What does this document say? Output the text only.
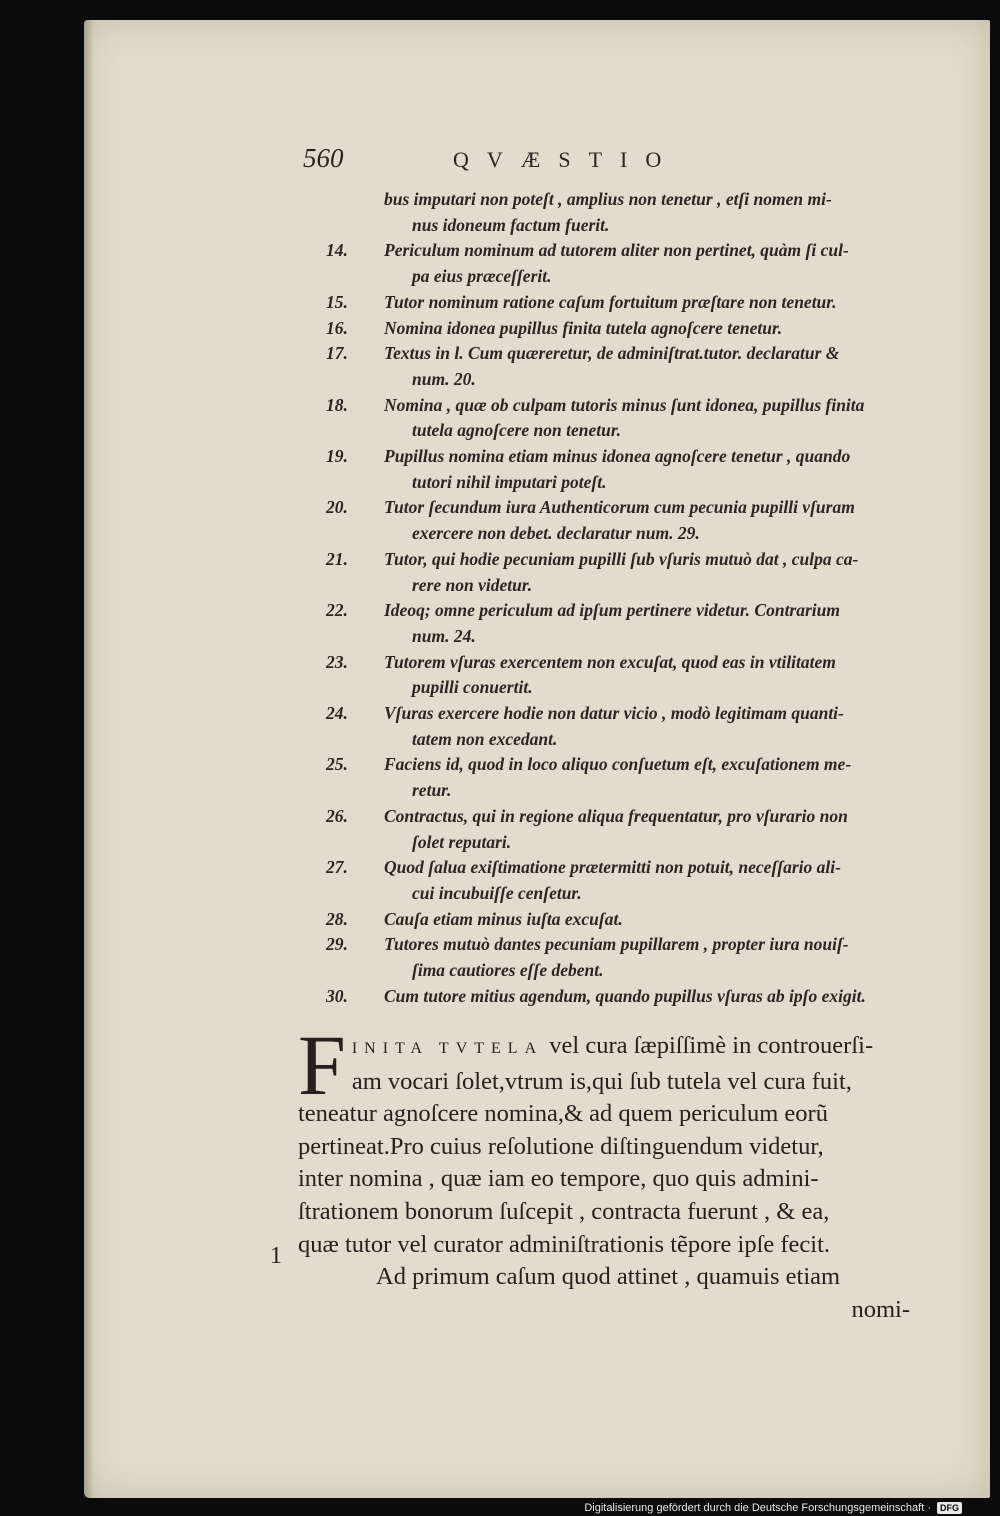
560	QVÆSTIO
bus imputari non poteſt , amplius non tenetur , etſi nomen mi-
nus idoneum factum fuerit.
14.	Periculum nominum ad tutorem aliter non pertinet, quàm ſi cul-
pa eius præceſſerit.
15.	Tutor nominum ratione caſum fortuitum præſtare non tenetur.
16.	Nomina idonea pupillus finita tutela agnoſcere tenetur.
17.	Textus in l. Cum quæreretur, de adminiſtrat.tutor. declaratur &
num. 20.
18.	Nomina , quæ ob culpam tutoris minus ſunt idonea, pupillus finita
tutela agnoſcere non tenetur.
19.	Pupillus nomina etiam minus idonea agnoſcere tenetur , quando
tutori nihil imputari poteſt.
20.	Tutor ſecundum iura Authenticorum cum pecunia pupilli vſuram
exercere non debet. declaratur num. 29.
21.	Tutor, qui hodie pecuniam pupilli ſub vſuris mutuò dat , culpa ca-
rere non videtur.
22.	Ideoq; omne periculum ad ipſum pertinere videtur. Contrarium
num. 24.
23.	Tutorem vſuras exercentem non excuſat, quod eas in vtilitatem
pupilli conuertit.
24.	Vſuras exercere hodie non datur vicio , modò legitimam quanti-
tatem non excedant.
25.	Faciens id, quod in loco aliquo conſuetum eſt, excuſationem me-
retur.
26.	Contractus, qui in regione aliqua frequentatur, pro vſurario non
ſolet reputari.
27.	Quod ſalua exiſtimatione prætermitti non potuit, neceſſario ali-
cui incubuiſſe cenſetur.
28.	Cauſa etiam minus iuſta excuſat.
29.	Tutores mutuò dantes pecuniam pupillarem , propter iura nouiſ-
ſima cautiores eſſe debent.
30.	Cum tutore mitius agendum, quando pupillus vſuras ab ipſo exigit.
F INITA TVTELA vel cura ſæpiſſimè in controuerſi-
am vocari ſolet,vtrum is,qui ſub tutela vel cura fuit,
teneatur agnoſcere nomina,& ad quem periculum eorũ
pertineat.Pro cuius reſolutione diſtinguendum videtur,
inter nomina , quæ iam eo tempore, quo quis admini-
ſtrationem bonorum ſuſcepit , contracta fuerunt , & ea,
quæ tutor vel curator adminiſtrationis tẽpore ipſe fecit.
Ad primum caſum quod attinet , quamuis etiam
nomi-
1
Digitalisierung gefördert durch die Deutsche Forschungsgemeinschaft ·	DFG
